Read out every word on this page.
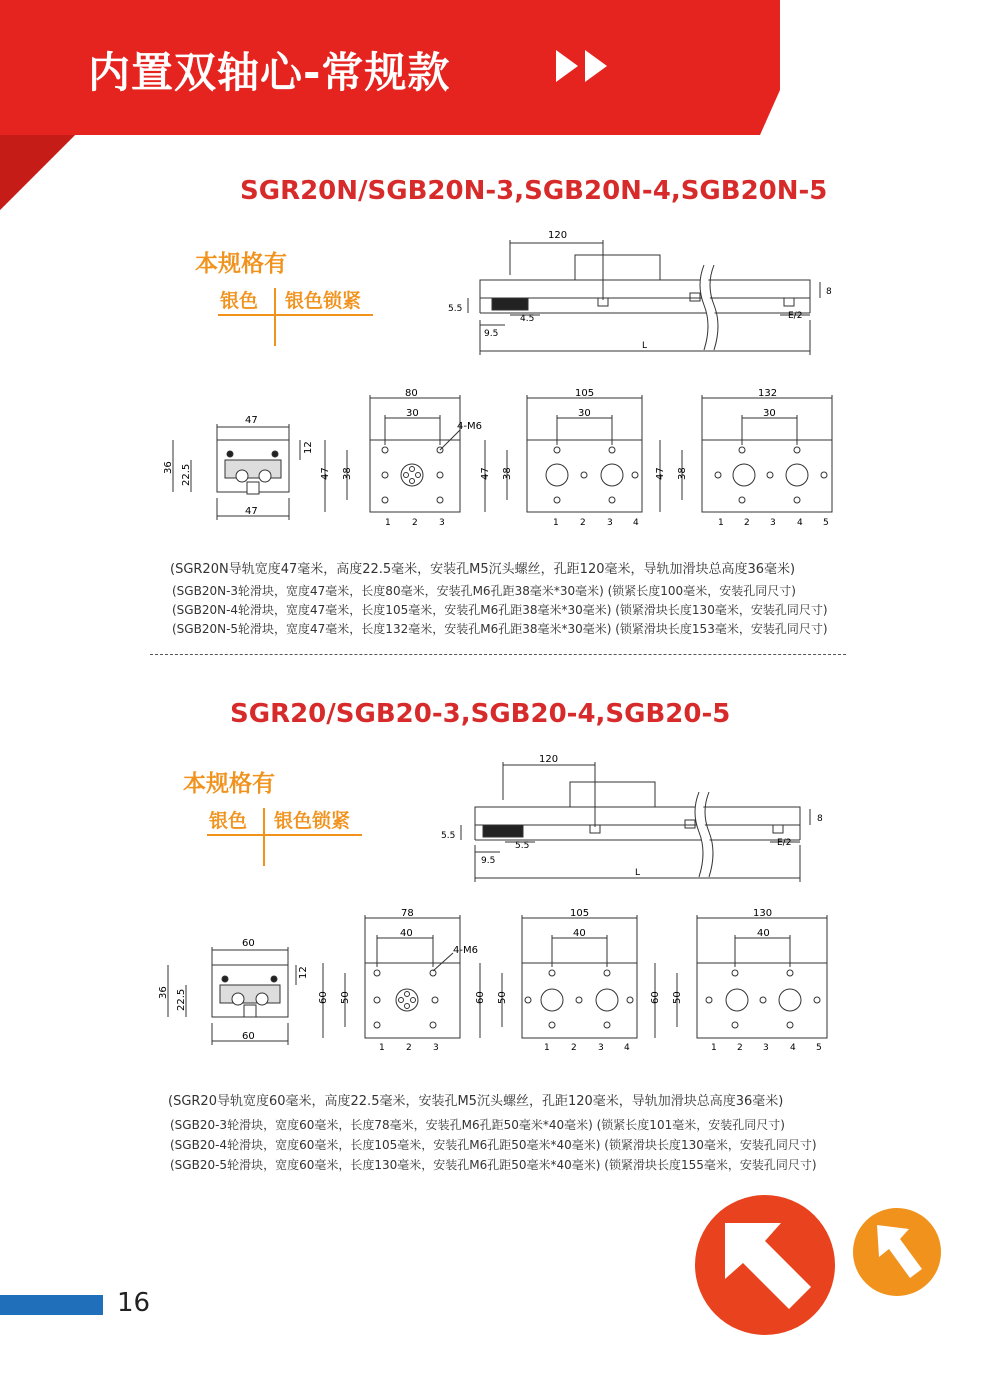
内置双轴心-常规款
SGR20N/SGB20N-3,SGB20N-4,SGB20N-5
本规格有
银色 银色锁紧
120
5.5
9.5
4.5
L
8
E/2
47
47
36 22.5
12
80
30
4-M6
47 38
1 2 3
105
30
47 38
1 2 3 4
132
30
47 38
1 2 3 4 5
(SGR20N导轨宽度47毫米，高度22.5毫米，安装孔M5沉头螺丝，孔距120毫米，导轨加滑块总高度36毫米)
(SGB20N-3轮滑块，宽度47毫米，长度80毫米，安装孔M6孔距38毫米*30毫米) (锁紧长度100毫米，安装孔同尺寸)
(SGB20N-4轮滑块，宽度47毫米，长度105毫米，安装孔M6孔距38毫米*30毫米) (锁紧滑块长度130毫米，安装孔同尺寸)
(SGB20N-5轮滑块，宽度47毫米，长度132毫米，安装孔M6孔距38毫米*30毫米) (锁紧滑块长度153毫米，安装孔同尺寸)
SGR20/SGB20-3,SGB20-4,SGB20-5
本规格有
银色 银色锁紧
120
5.5
9.5
5.5
L
8
E/2
60
60
36 22.5
12
78
40
4-M6
60 50
1 2 3
105
40
60 50
1 2 3 4
130
40
60 50
1 2 3 4 5
(SGR20导轨宽度60毫米，高度22.5毫米，安装孔M5沉头螺丝，孔距120毫米，导轨加滑块总高度36毫米)
(SGB20-3轮滑块，宽度60毫米，长度78毫米，安装孔M6孔距50毫米*40毫米) (锁紧长度101毫米，安装孔同尺寸)
(SGB20-4轮滑块，宽度60毫米，长度105毫米，安装孔M6孔距50毫米*40毫米) (锁紧滑块长度130毫米，安装孔同尺寸)
(SGB20-5轮滑块，宽度60毫米，长度130毫米，安装孔M6孔距50毫米*40毫米) (锁紧滑块长度155毫米，安装孔同尺寸)
16
